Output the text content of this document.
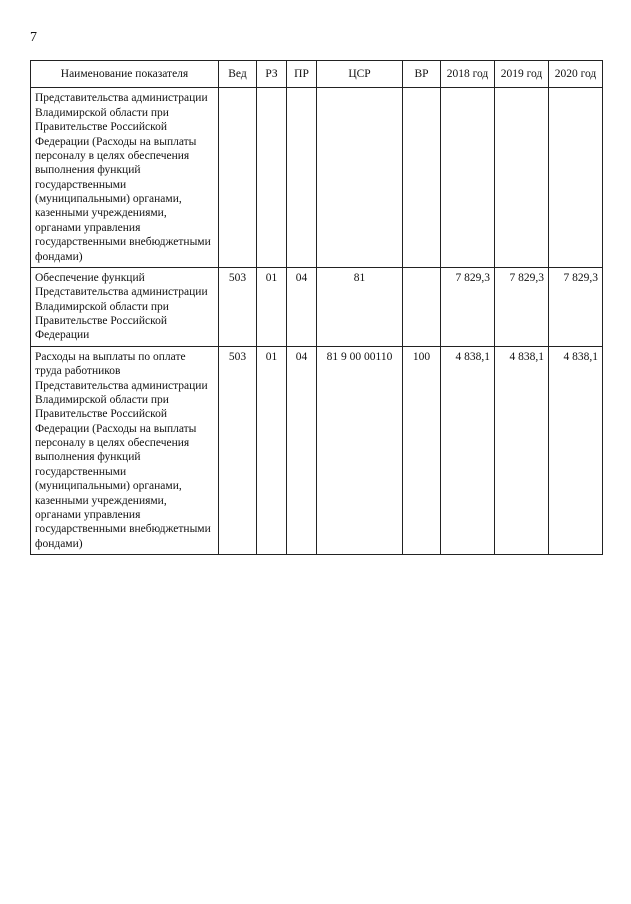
7
Наименование показателя	Вед	РЗ	ПР	ЦСР	ВР	2018 год	2019 год	2020 год
Представительства администрации Владимирской области при Правительстве Российской Федерации (Расходы на выплаты персоналу в целях обеспечения выполнения функций государственными (муниципальными) органами, казенными учреждениями, органами управления государственными внебюджетными фондами)								
Обеспечение функций Представительства администрации Владимирской области при Правительстве Российской Федерации	503	01	04	81		7 829,3	7 829,3	7 829,3
Расходы на выплаты по оплате труда работников Представительства администрации Владимирской области при Правительстве Российской Федерации (Расходы на выплаты персоналу в целях обеспечения выполнения функций государственными (муниципальными) органами, казенными учреждениями, органами управления государственными внебюджетными фондами)	503	01	04	81 9 00 00110	100	4 838,1	4 838,1	4 838,1
